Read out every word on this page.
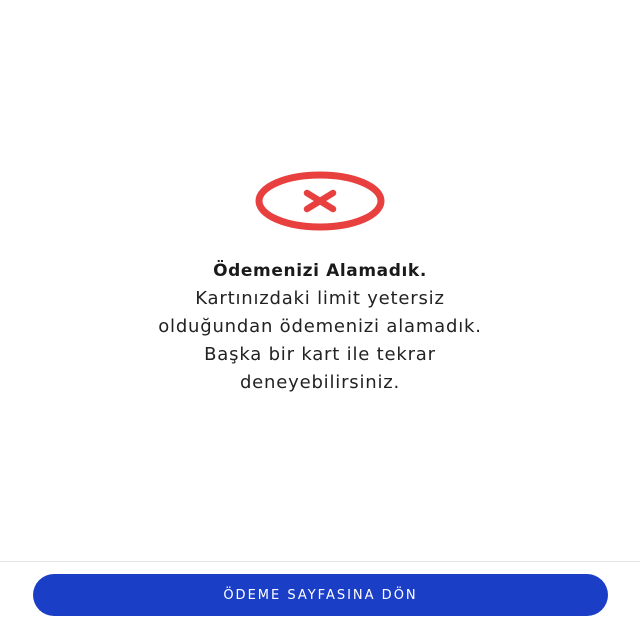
Ödemenizi Alamadık.
Kartınızdaki limit yetersiz
olduğundan ödemenizi alamadık.
Başka bir kart ile tekrar
deneyebilirsiniz.
ÖDEME SAYFASINA DÖN
